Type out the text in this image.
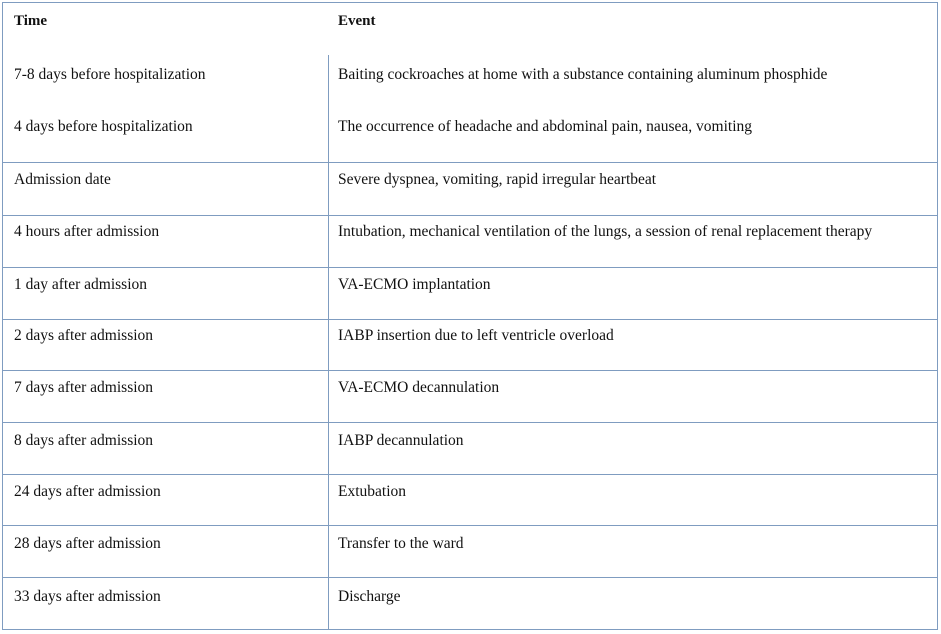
Time	Event
7-8 days before hospitalization	Baiting cockroaches at home with a substance containing aluminum phosphide
4 days before hospitalization	The occurrence of headache and abdominal pain, nausea, vomiting
Admission date	Severe dyspnea, vomiting, rapid irregular heartbeat
4 hours after admission	Intubation, mechanical ventilation of the lungs, a session of renal replacement therapy
1 day after admission	VA-ECMO implantation
2 days after admission	IABP insertion due to left ventricle overload
7 days after admission	VA-ECMO decannulation
8 days after admission	IABP decannulation
24 days after admission	Extubation
28 days after admission	Transfer to the ward
33 days after admission	Discharge
